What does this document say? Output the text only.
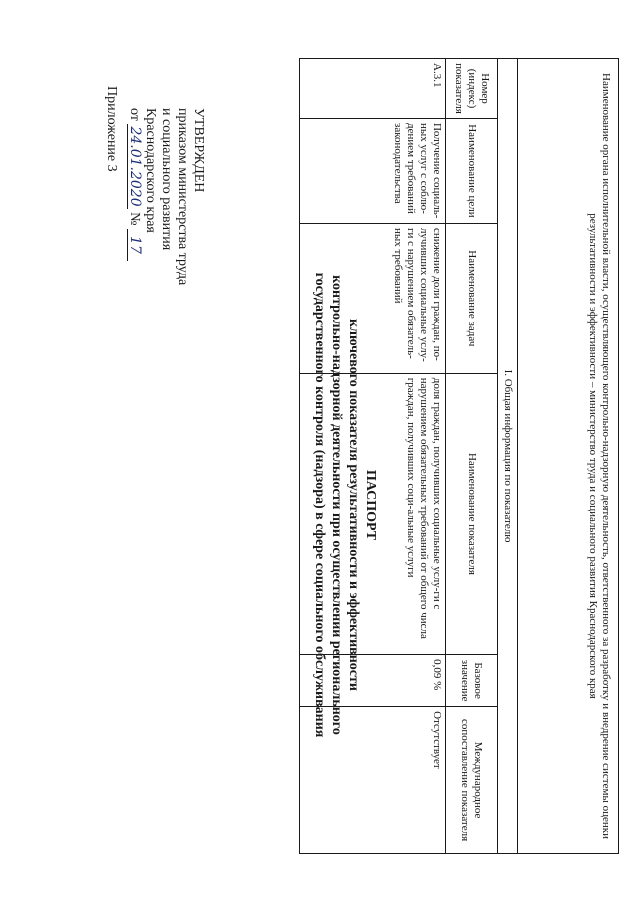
Приложение 3	УТВЕРЖДЕН
приказом министерства труда
и социального развития
Краснодарского края
от 24.01.2020 № 17
ПАСПОРТ
ключевого показателя результативности и эффективности
контрольно-надзорной деятельности при осуществлении регионального
государственного контроля (надзора) в сфере социального обслуживания	Наименование органа исполнительной власти, осуществляющего контрольно-надзорную деятельность, ответственного за разработку и внедрение системы оценки результативности и эффективности – министерство труда и социального развития Краснодарского края					
I. Общая информация по показателю					
Номер (индекс) показателя	Наименование цели	Наименование задач	Наименование показателя	Базовое значение	Международное сопоставление показателя
А.3.1	Получение социаль-ных услуг с соблю-дением требований законодательства	снижение доли граждан, по-лучивших социальные услу-ги с нарушением обязатель-ных требований	доля граждан, получивших социальные услу-ги с нарушением обязательных требований от общего числа граждан, получивших соци-альные услуги	0,09 %	Отсутствует
